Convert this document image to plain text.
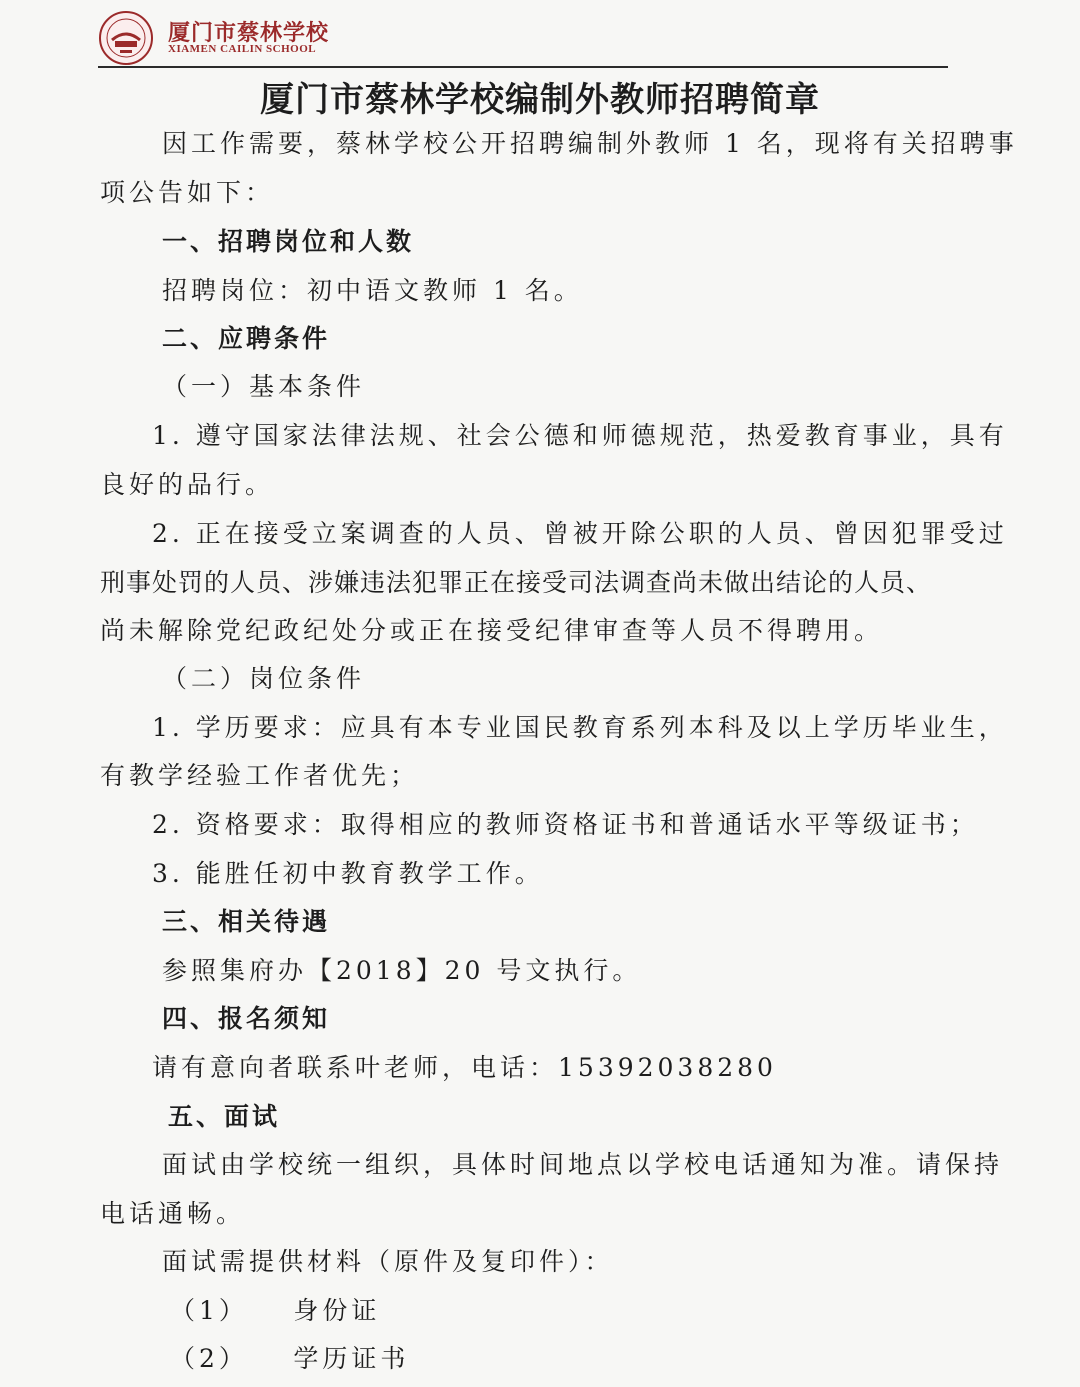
厦门市蔡林学校
XIAMEN CAILIN SCHOOL
厦门市蔡林学校编制外教师招聘简章
因工作需要，蔡林学校公开招聘编制外教师 1 名，现将有关招聘事
项公告如下：
一、招聘岗位和人数
招聘岗位：初中语文教师 1 名。
二、应聘条件
（一）基本条件
1. 遵守国家法律法规、社会公德和师德规范，热爱教育事业，具有
良好的品行。
2. 正在接受立案调查的人员、曾被开除公职的人员、曾因犯罪受过
刑事处罚的人员、涉嫌违法犯罪正在接受司法调查尚未做出结论的人员、
尚未解除党纪政纪处分或正在接受纪律审查等人员不得聘用。
（二）岗位条件
1. 学历要求：应具有本专业国民教育系列本科及以上学历毕业生，
有教学经验工作者优先；
2. 资格要求：取得相应的教师资格证书和普通话水平等级证书；
3. 能胜任初中教育教学工作。
三、相关待遇
参照集府办【2018】20 号文执行。
四、报名须知
请有意向者联系叶老师，电话：15392038280
五、面试
面试由学校统一组织，具体时间地点以学校电话通知为准。请保持
电话通畅。
面试需提供材料（原件及复印件）：
（1）　　身份证
（2）　　学历证书
